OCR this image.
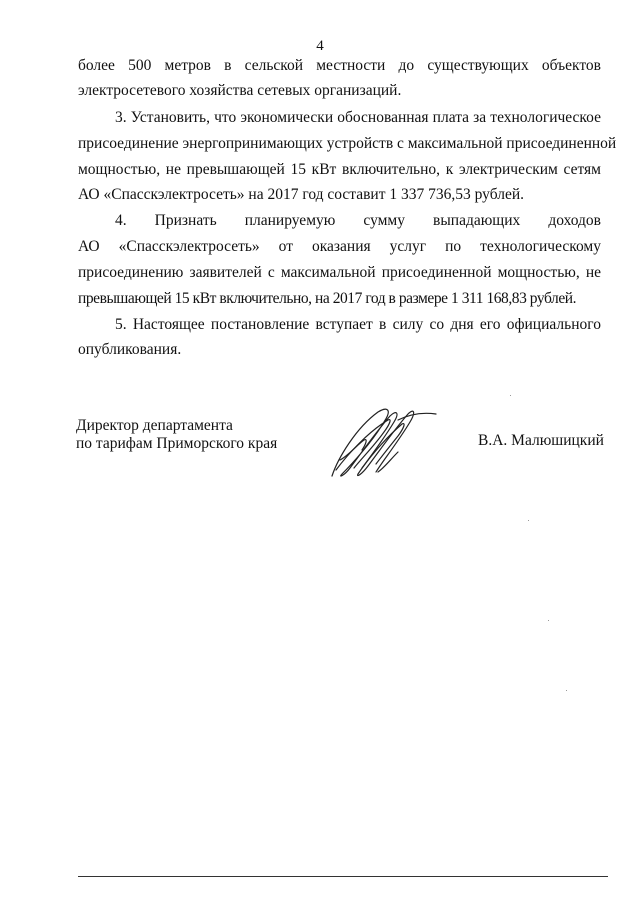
4
более 500 метров в сельской местности до существующих объектов
электросетевого хозяйства сетевых организаций.
3. Установить, что экономически обоснованная плата за технологическое
присоединение энергопринимающих устройств с максимальной присоединенной
мощностью, не превышающей 15 кВт включительно, к электрическим сетям
АО «Спасскэлектросеть» на 2017 год составит 1 337 736,53 рублей.
4. Признать планируемую сумму выпадающих доходов
АО «Спасскэлектросеть» от оказания услуг по технологическому
присоединению заявителей с максимальной присоединенной мощностью, не
превышающей 15 кВт включительно, на 2017 год в размере 1 311 168,83 рублей.
5. Настоящее постановление вступает в силу со дня его официального
опубликования.
Директор департамента
по тарифам Приморского края	В.А. Малюшицкий
